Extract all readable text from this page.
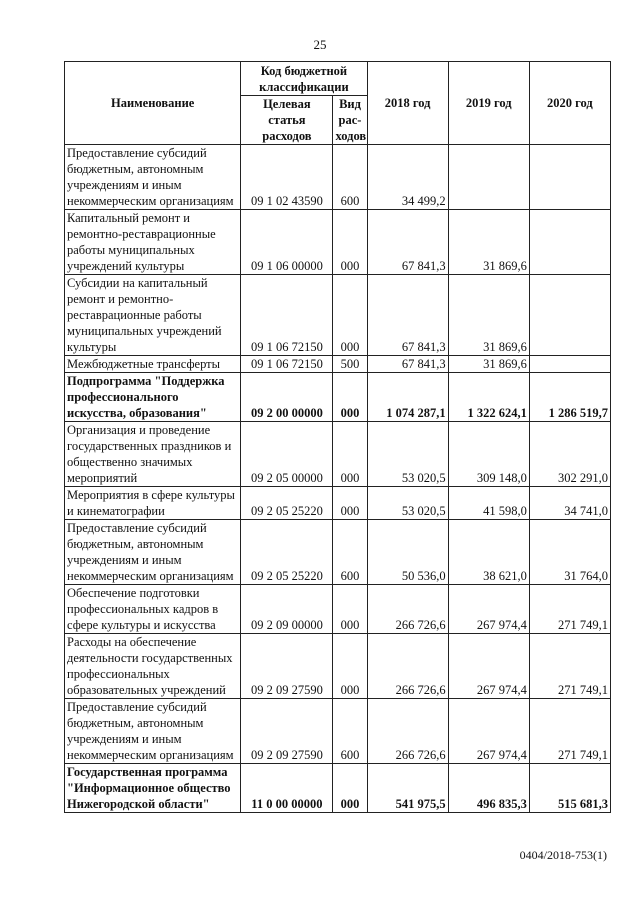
25
Наименование	Код бюджетной классификации		2018 год	2019 год	2020 год
	Целевая статья расходов	Вид рас-ходов			
Предоставление субсидий бюджетным, автономным учреждениям и иным некоммерческим организациям	09 1 02 43590	600	34 499,2		
Капитальный ремонт и ремонтно-реставрационные работы муниципальных учреждений культуры	09 1 06 00000	000	67 841,3	31 869,6	
Субсидии на капитальный ремонт и ремонтно-реставрационные работы муниципальных учреждений культуры	09 1 06 72150	000	67 841,3	31 869,6	
Межбюджетные трансферты	09 1 06 72150	500	67 841,3	31 869,6	
Подпрограмма "Поддержка профессионального искусства, образования"	09 2 00 00000	000	1 074 287,1	1 322 624,1	1 286 519,7
Организация и проведение государственных праздников и общественно значимых мероприятий	09 2 05 00000	000	53 020,5	309 148,0	302 291,0
Мероприятия в сфере культуры и кинематографии	09 2 05 25220	000	53 020,5	41 598,0	34 741,0
Предоставление субсидий бюджетным, автономным учреждениям и иным некоммерческим организациям	09 2 05 25220	600	50 536,0	38 621,0	31 764,0
Обеспечение подготовки профессиональных кадров в сфере культуры и искусства	09 2 09 00000	000	266 726,6	267 974,4	271 749,1
Расходы на обеспечение деятельности государственных профессиональных образовательных учреждений	09 2 09 27590	000	266 726,6	267 974,4	271 749,1
Предоставление субсидий бюджетным, автономным учреждениям и иным некоммерческим организациям	09 2 09 27590	600	266 726,6	267 974,4	271 749,1
Государственная программа "Информационное общество Нижегородской области"	11 0 00 00000	000	541 975,5	496 835,3	515 681,3
0404/2018-753(1)
